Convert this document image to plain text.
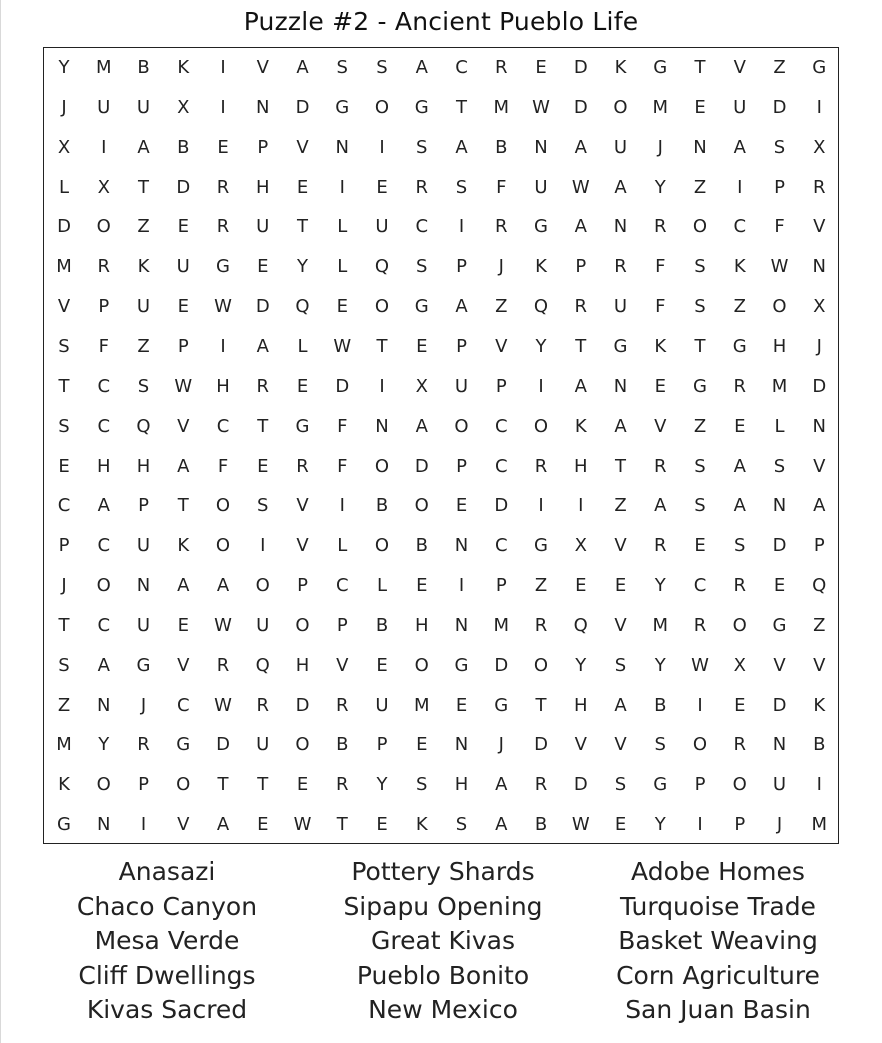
Puzzle #2 - Ancient Pueblo Life
Y	M	B	K	I	V	A	S	S	A	C	R	E	D	K	G	T	V	Z	G
J	U	U	X	I	N	D	G	O	G	T	M	W	D	O	M	E	U	D	I
X	I	A	B	E	P	V	N	I	S	A	B	N	A	U	J	N	A	S	X
L	X	T	D	R	H	E	I	E	R	S	F	U	W	A	Y	Z	I	P	R
D	O	Z	E	R	U	T	L	U	C	I	R	G	A	N	R	O	C	F	V
M	R	K	U	G	E	Y	L	Q	S	P	J	K	P	R	F	S	K	W	N
V	P	U	E	W	D	Q	E	O	G	A	Z	Q	R	U	F	S	Z	O	X
S	F	Z	P	I	A	L	W	T	E	P	V	Y	T	G	K	T	G	H	J
T	C	S	W	H	R	E	D	I	X	U	P	I	A	N	E	G	R	M	D
S	C	Q	V	C	T	G	F	N	A	O	C	O	K	A	V	Z	E	L	N
E	H	H	A	F	E	R	F	O	D	P	C	R	H	T	R	S	A	S	V
C	A	P	T	O	S	V	I	B	O	E	D	I	I	Z	A	S	A	N	A
P	C	U	K	O	I	V	L	O	B	N	C	G	X	V	R	E	S	D	P
J	O	N	A	A	O	P	C	L	E	I	P	Z	E	E	Y	C	R	E	Q
T	C	U	E	W	U	O	P	B	H	N	M	R	Q	V	M	R	O	G	Z
S	A	G	V	R	Q	H	V	E	O	G	D	O	Y	S	Y	W	X	V	V
Z	N	J	C	W	R	D	R	U	M	E	G	T	H	A	B	I	E	D	K
M	Y	R	G	D	U	O	B	P	E	N	J	D	V	V	S	O	R	N	B
K	O	P	O	T	T	E	R	Y	S	H	A	R	D	S	G	P	O	U	I
G	N	I	V	A	E	W	T	E	K	S	A	B	W	E	Y	I	P	J	M
Anasazi
Chaco Canyon
Mesa Verde
Cliff Dwellings
Kivas Sacred
Pottery Shards
Sipapu Opening
Great Kivas
Pueblo Bonito
New Mexico
Adobe Homes
Turquoise Trade
Basket Weaving
Corn Agriculture
San Juan Basin
